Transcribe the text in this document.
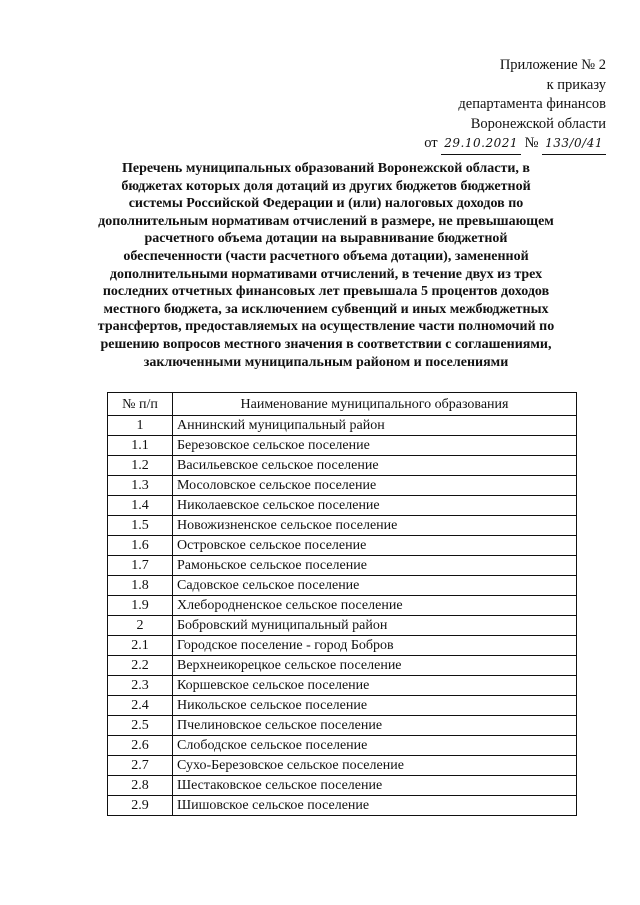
Приложение № 2
к приказу
департамента финансов
Воронежской области
от 29.10.2021 № 133/0/41
Перечень муниципальных образований Воронежской области, в бюджетах которых доля дотаций из других бюджетов бюджетной системы Российской Федерации и (или) налоговых доходов по дополнительным нормативам отчислений в размере, не превышающем расчетного объема дотации на выравнивание бюджетной обеспеченности (части расчетного объема дотации), замененной дополнительными нормативами отчислений, в течение двух из трех последних отчетных финансовых лет превышала 5 процентов доходов местного бюджета, за исключением субвенций и иных межбюджетных трансфертов, предоставляемых на осуществление части полномочий по решению вопросов местного значения в соответствии с соглашениями, заключенными муниципальным районом и поселениями
№ п/п	Наименование муниципального образования
1	Аннинский муниципальный район
1.1	Березовское сельское поселение
1.2	Васильевское сельское поселение
1.3	Мосоловское сельское поселение
1.4	Николаевское сельское поселение
1.5	Новожизненское сельское поселение
1.6	Островское сельское поселение
1.7	Рамоньское сельское поселение
1.8	Садовское сельское поселение
1.9	Хлебородненское сельское поселение
2	Бобровский муниципальный район
2.1	Городское поселение - город Бобров
2.2	Верхнеикорецкое сельское поселение
2.3	Коршевское сельское поселение
2.4	Никольское сельское поселение
2.5	Пчелиновское сельское поселение
2.6	Слободское сельское поселение
2.7	Сухо-Березовское сельское поселение
2.8	Шестаковское сельское поселение
2.9	Шишовское сельское поселение
